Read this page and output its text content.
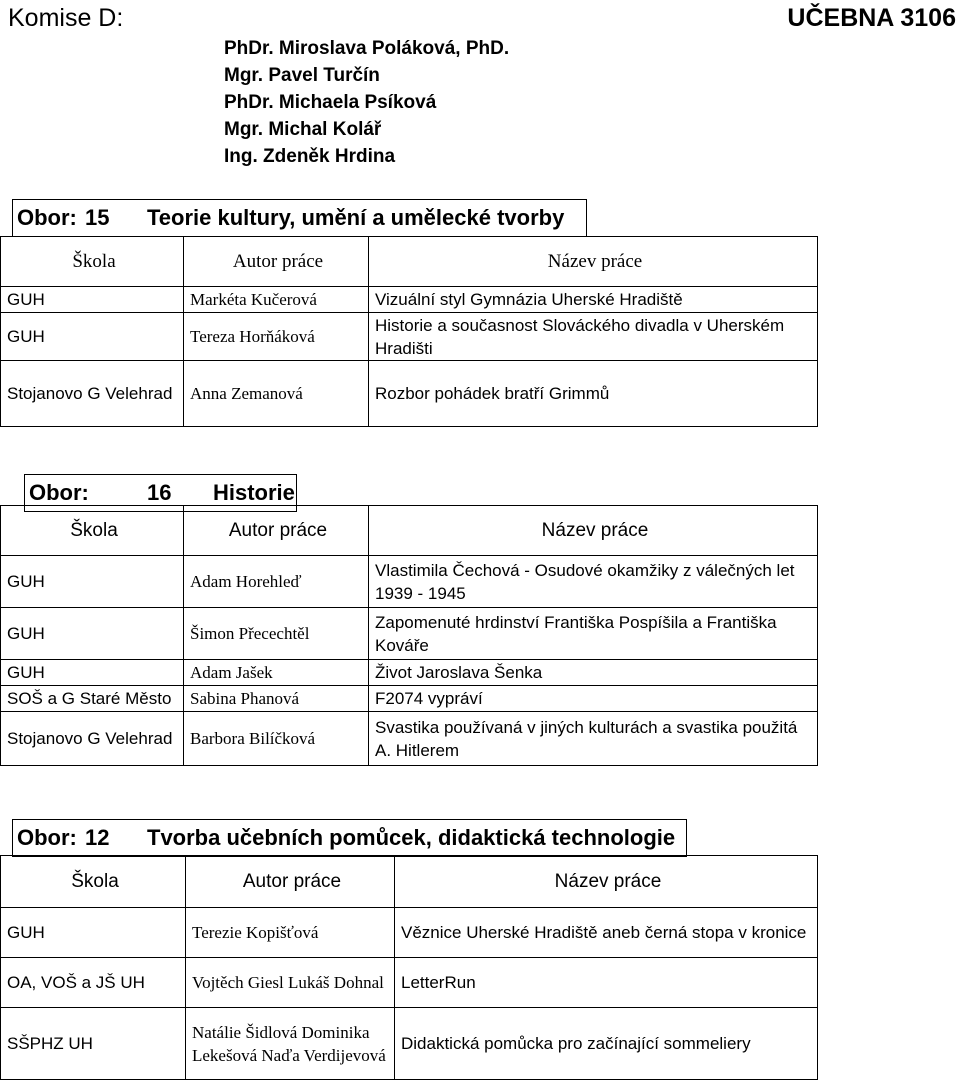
Komise D:	UČEBNA 3106
PhDr. Miroslava Poláková, PhD.
Mgr. Pavel Turčín
PhDr. Michaela Psíková
Mgr. Michal Kolář
Ing. Zdeněk Hrdina
Obor: 15 Teorie kultury, umění a umělecké tvorby
Škola	Autor práce	Název práce
GUH	Markéta Kučerová	Vizuální styl Gymnázia Uherské Hradiště
GUH	Tereza Horňáková	Historie a současnost Slováckého divadla v Uherském Hradišti
Stojanovo G Velehrad	Anna Zemanová	Rozbor pohádek bratří Grimmů
Obor:	16 Historie
Škola	Autor práce	Název práce
GUH	Adam Horehleď	Vlastimila Čechová - Osudové okamžiky z válečných let 1939 - 1945
GUH	Šimon Přecechtěl	Zapomenuté hrdinství Františka Pospíšila a Františka Kováře
GUH	Adam Jašek	Život Jaroslava Šenka
SOŠ a G Staré Město	Sabina Phanová	F2074 vypráví
Stojanovo G Velehrad	Barbora Bilíčková	Svastika používaná v jiných kulturách a svastika použitá A. Hitlerem
Obor: 12 Tvorba učebních pomůcek, didaktická technologie
Škola	Autor práce	Název práce
GUH	Terezie Kopišťová	Věznice Uherské Hradiště aneb černá stopa v kronice
OA, VOŠ a JŠ UH	Vojtěch Giesl Lukáš Dohnal	LetterRun
SŠPHZ UH	Natálie Šidlová Dominika Lekešová Naďa Verdijevová	Didaktická pomůcka pro začínající sommeliery
